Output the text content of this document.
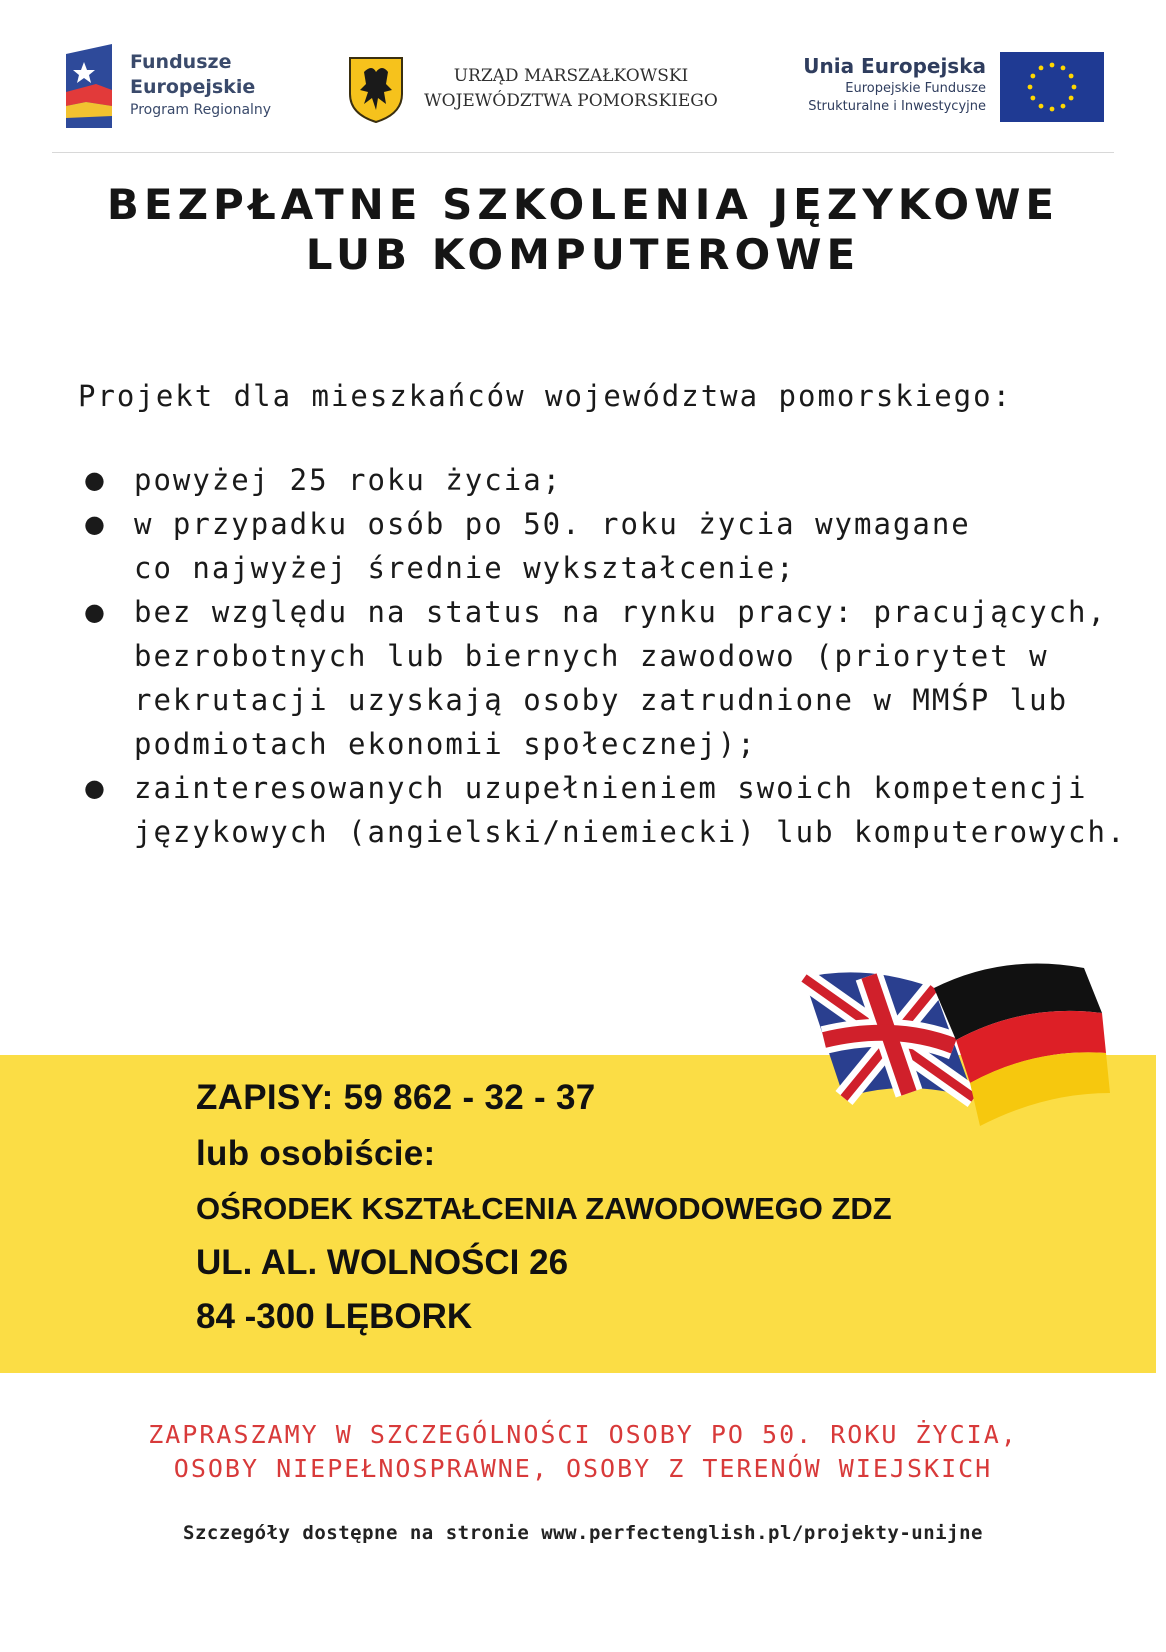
Fundusze
Europejskie
Program Regionalny
URZĄD MARSZAŁKOWSKI
WOJEWÓDZTWA POMORSKIEGO
Unia Europejska
Europejskie Fundusze
Strukturalne i Inwestycyjne
BEZPŁATNE SZKOLENIA JĘZYKOWE
LUB KOMPUTEROWE
Projekt dla mieszkańców województwa pomorskiego:
● powyżej 25 roku życia;
● w przypadku osób po 50. roku życia wymagane
co najwyżej średnie wykształcenie;
● bez względu na status na rynku pracy: pracujących,
bezrobotnych lub biernych zawodowo (priorytet w
rekrutacji uzyskają osoby zatrudnione w MMŚP lub
podmiotach ekonomii społecznej);
● zainteresowanych uzupełnieniem swoich kompetencji
językowych (angielski/niemiecki) lub komputerowych.
ZAPISY: 59 862 - 32 - 37
lub osobiście:
OŚRODEK KSZTAŁCENIA ZAWODOWEGO ZDZ
UL. AL. WOLNOŚCI 26
84 -300 LĘBORK
ZAPRASZAMY W SZCZEGÓLNOŚCI OSOBY PO 50. ROKU ŻYCIA,
OSOBY NIEPEŁNOSPRAWNE, OSOBY Z TERENÓW WIEJSKICH
Szczegóły dostępne na stronie www.perfectenglish.pl/projekty-unijne
